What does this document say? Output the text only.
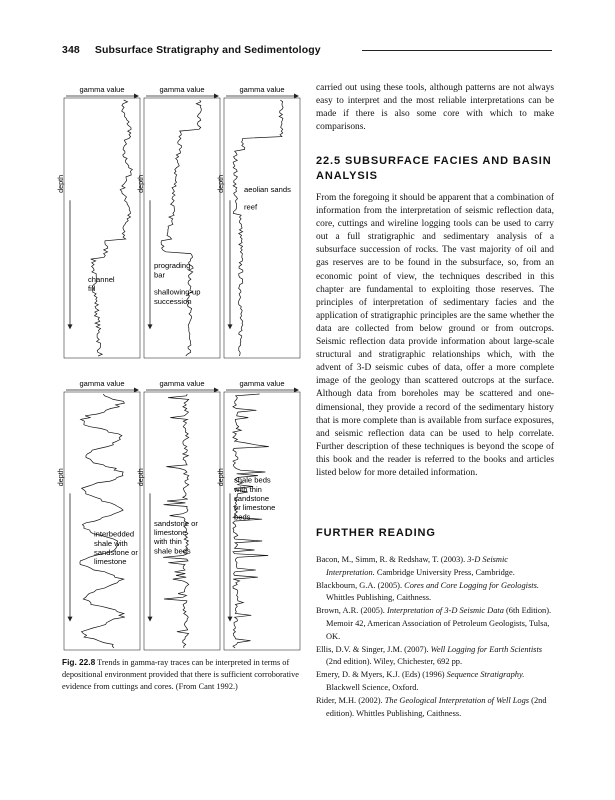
348 Subsurface Stratigraphy and Sedimentology
gamma value
depth
channel
fill
gamma value
depth
prograding
bar
shallowing-up
succession
gamma value
depth	aeolian sands
reef
gamma value
depth
interbedded
shale with
sandstone or
limestone
gamma value
depth
sandstone or
limestone
with thin
shale beds
gamma value
depth shale beds
with thin
sandstone
or limestone
beds
Fig. 22.8 Trends in gamma-ray traces can be interpreted in terms of depositional environment provided that there is sufficient corroborative evidence from cuttings and cores. (From Cant 1992.)
carried out using these tools, although patterns are not always easy to interpret and the most reliable interpretations can be made if there is also some core with which to make comparisons.
22.5 SUBSURFACE FACIES AND BASIN ANALYSIS
From the foregoing it should be apparent that a combination of information from the interpretation of seismic reflection data, core, cuttings and wireline logging tools can be used to carry out a full stratigraphic and sedimentary analysis of a subsurface succession of rocks. The vast majority of oil and gas reserves are to be found in the subsurface, so, from an economic point of view, the techniques described in this chapter are fundamental to exploiting those reserves. The principles of interpretation of sedimentary facies and the application of stratigraphic principles are the same whether the data are collected from below ground or from outcrops. Seismic reflection data provide information about large-scale structural and stratigraphic relationships which, with the advent of 3-D seismic cubes of data, offer a more complete image of the geology than scattered outcrops at the surface. Although data from boreholes may be scattered and one-dimensional, they provide a record of the sedimentary history that is more complete than is available from surface exposures, and seismic reflection data can be used to help correlate. Further description of these techniques is beyond the scope of this book and the reader is referred to the books and articles listed below for more detailed information.
FURTHER READING

Bacon, M., Simm, R. & Redshaw, T. (2003). 3-D Seismic Interpretation. Cambridge University Press, Cambridge.

Blackbourn, G.A. (2005). Cores and Core Logging for Geologists. Whittles Publishing, Caithness.

Brown, A.R. (2005). Interpretation of 3-D Seismic Data (6th Edition). Memoir 42, American Association of Petroleum Geologists, Tulsa, OK.

Ellis, D.V. & Singer, J.M. (2007). Well Logging for Earth Scientists (2nd edition). Wiley, Chichester, 692 pp.

Emery, D. & Myers, K.J. (Eds) (1996) Sequence Stratigraphy. Blackwell Science, Oxford.

Rider, M.H. (2002). The Geological Interpretation of Well Logs (2nd edition). Whittles Publishing, Caithness.
